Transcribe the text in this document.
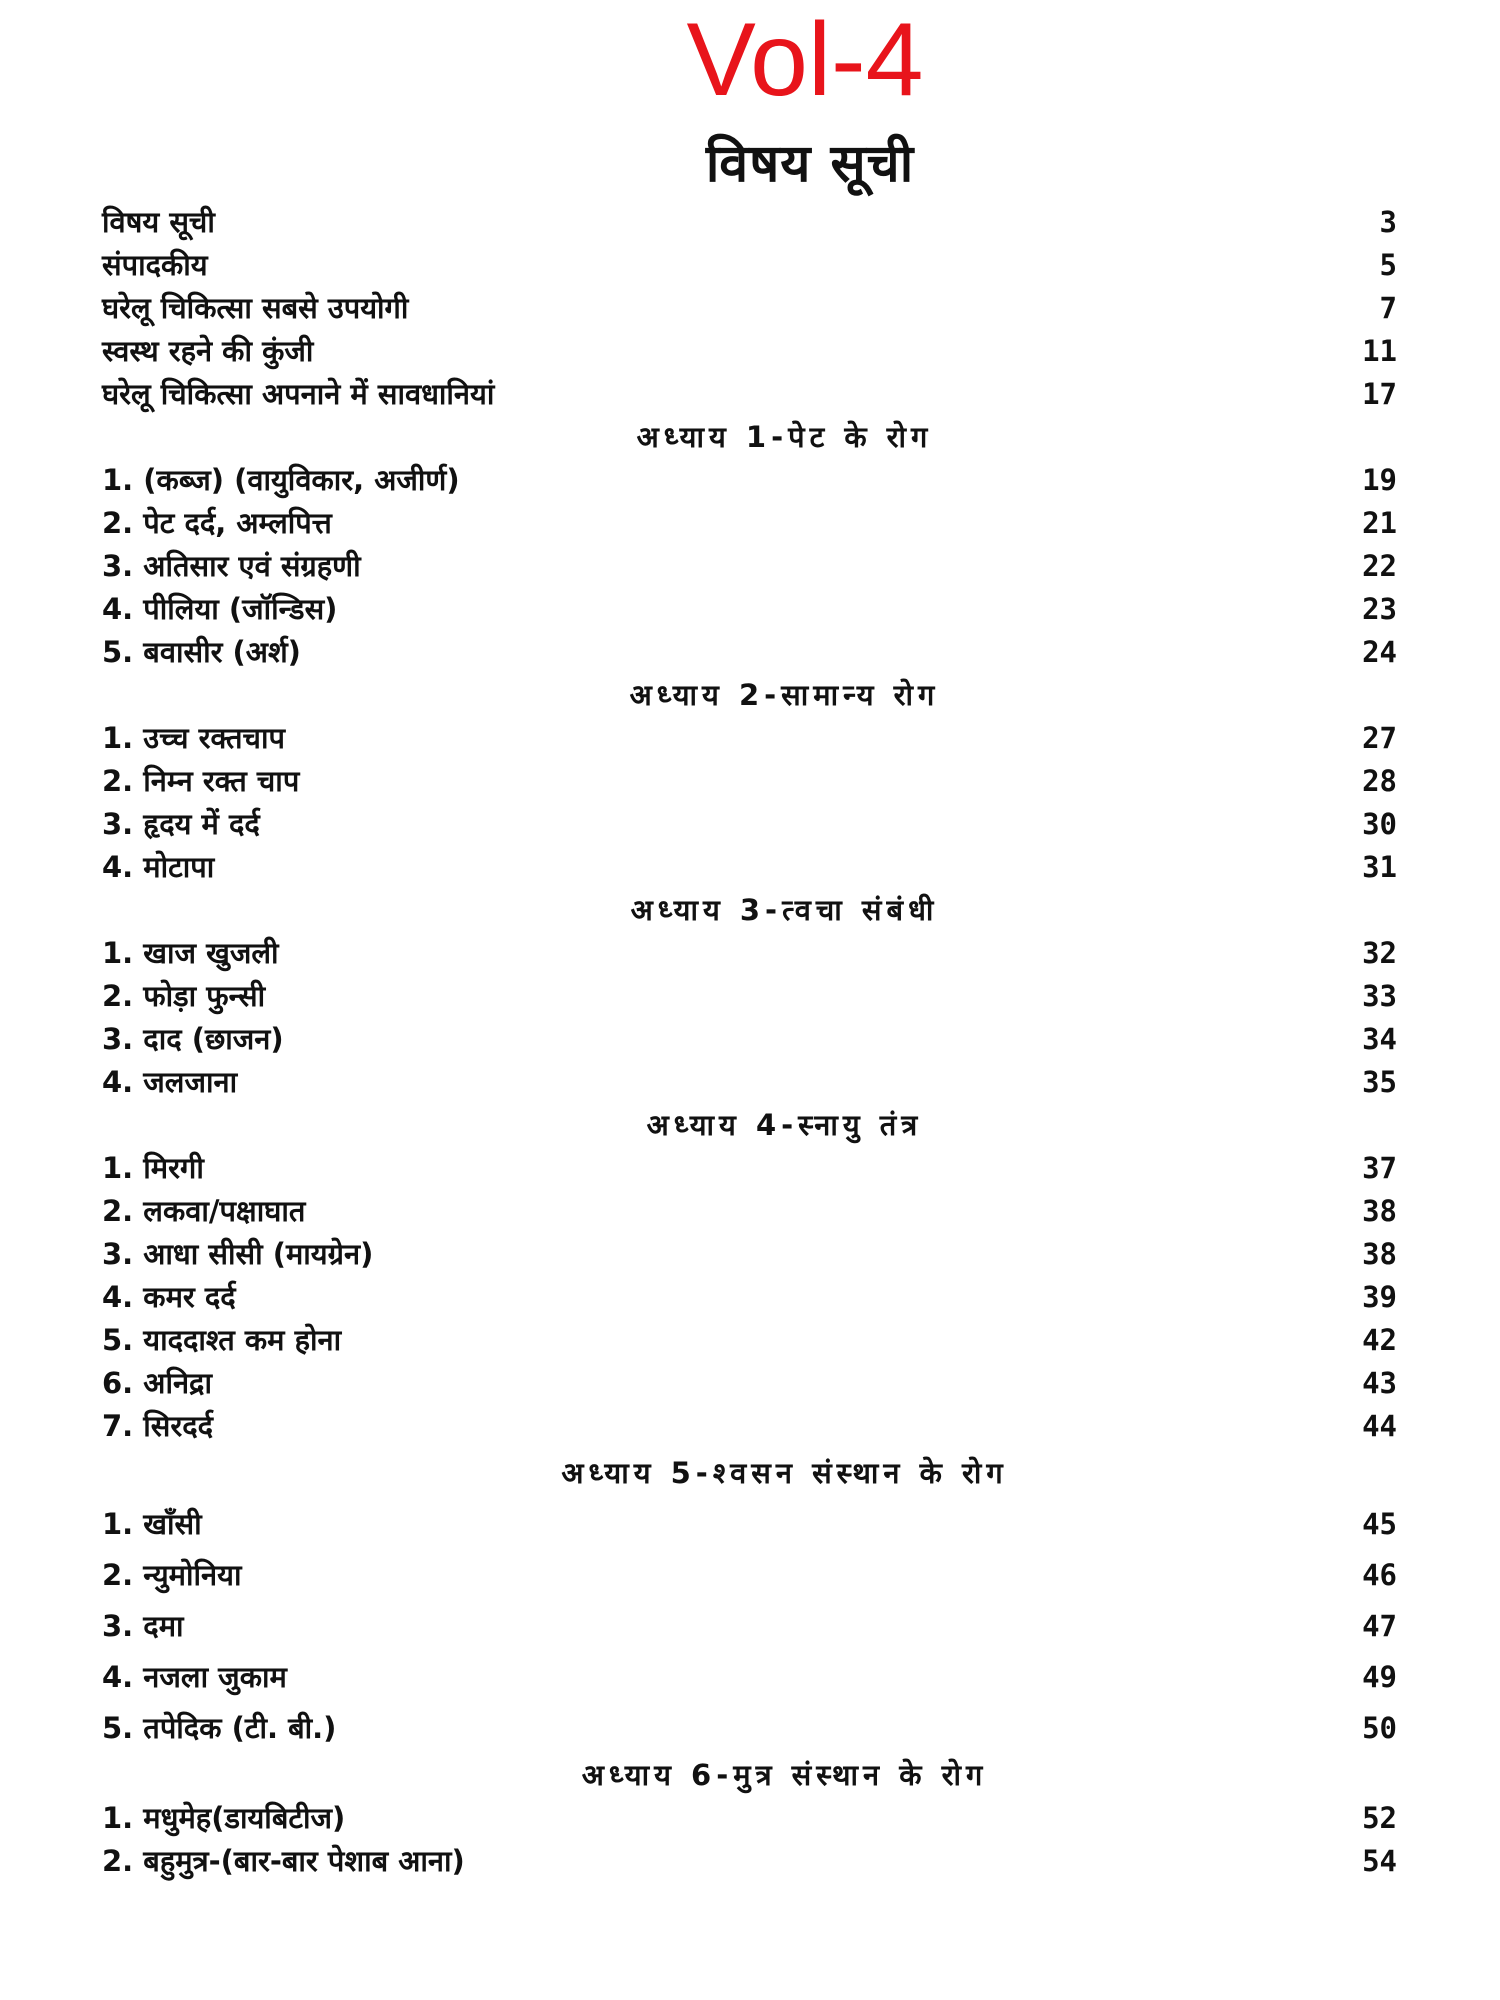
Vol-4
विषय सूची
विषय सूची	3
संपादकीय	5
घरेलू चिकित्सा सबसे उपयोगी	7
स्वस्थ रहने की कुंजी	11
घरेलू चिकित्सा अपनाने में सावधानियां	17
अध्याय 1-पेट के रोग
1. (कब्ज) (वायुविकार, अजीर्ण)	19
2. पेट दर्द, अम्लपित्त	21
3. अतिसार एवं संग्रहणी	22
4. पीलिया (जॉन्डिस)	23
5. बवासीर (अर्श)	24
अध्याय 2-सामान्य रोग
1. उच्च रक्तचाप	27
2. निम्न रक्त चाप	28
3. हृदय में दर्द	30
4. मोटापा	31
अध्याय 3-त्वचा संबंधी
1. खाज खुजली	32
2. फोड़ा फुन्सी	33
3. दाद (छाजन)	34
4. जलजाना	35
अध्याय 4-स्नायु तंत्र
1. मिरगी	37
2. लकवा/पक्षाघात	38
3. आधा सीसी (मायग्रेन)	38
4. कमर दर्द	39
5. याददाश्त कम होना	42
6. अनिद्रा	43
7. सिरदर्द	44
अध्याय 5-श्वसन संस्थान के रोग
1. खाँसी	45
2. न्युमोनिया	46
3. दमा	47
4. नजला जुकाम	49
5. तपेदिक (टी. बी.)	50
अध्याय 6-मुत्र संस्थान के रोग
1. मधुमेह(डायबिटीज)	52
2. बहुमुत्र-(बार-बार पेशाब आना)	54
